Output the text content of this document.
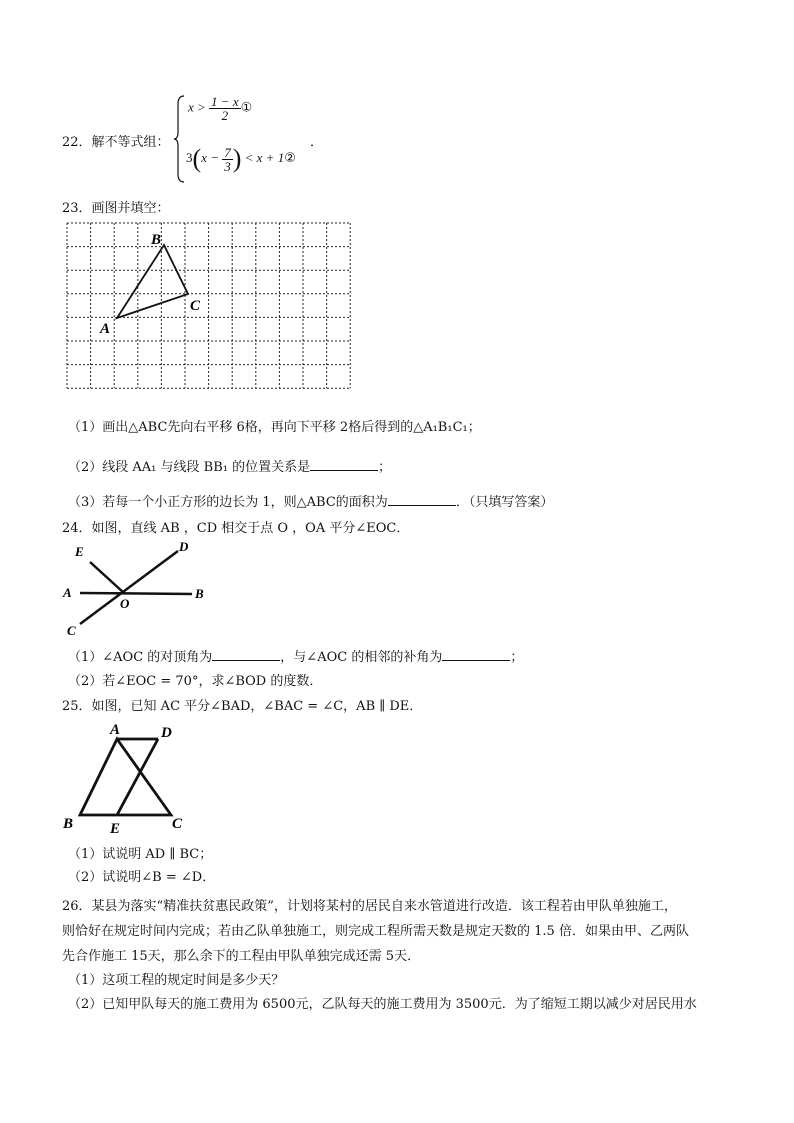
22．解不等式组：
$x > \frac{1 - x}{2}$ ①
$3(x - \frac{7}{3}$ ) < x + 1②
．
23．画图并填空：
B
C
A
（1）画出△ABC先向右平移 6格，再向下平移 2格后得到的△A₁B₁C₁；
（2）线段 AA₁ 与线段 BB₁ 的位置关系是	；
（3）若每一个小正方形的边长为 1，则△ABC的面积为	．（只填写答案）
24．如图，直线 AB ，CD 相交于点 O ，OA 平分∠EOC．
E	D
A
O
B
C
（1）∠AOC 的对顶角为	，与∠AOC 的相邻的补角为	；
（2）若∠EOC = 70°，求∠BOD 的度数．
25．如图，已知 AC 平分∠BAD，∠BAC = ∠C，AB ∥ DE．
A	D
B E	C
（1）试说明 AD ∥ BC；
（2）试说明∠B = ∠D．
26．某县为落实“精准扶贫惠民政策”，计划将某村的居民自来水管道进行改造．该工程若由甲队单独施工，
则恰好在规定时间内完成；若由乙队单独施工，则完成工程所需天数是规定天数的 1.5 倍．如果由甲、乙两队
先合作施工 15天，那么余下的工程由甲队单独完成还需 5天．
（1）这项工程的规定时间是多少天？
（2）已知甲队每天的施工费用为 6500元，乙队每天的施工费用为 3500元．为了缩短工期以减少对居民用水
